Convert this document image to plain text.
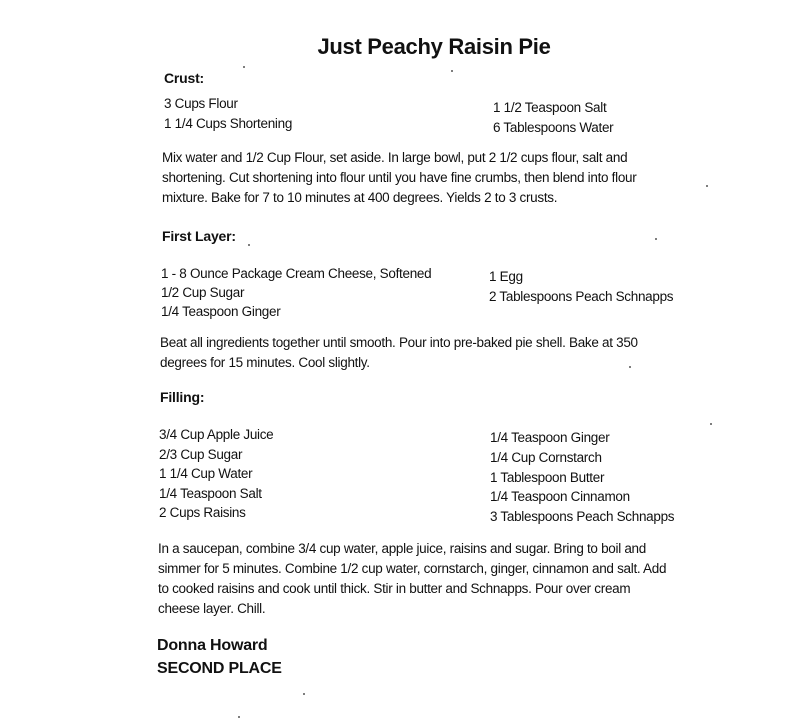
Just Peachy Raisin Pie
Crust:
3 Cups Flour
1 1/4 Cups Shortening
1 1/2 Teaspoon Salt
6 Tablespoons Water
Mix water and 1/2 Cup Flour, set aside. In large bowl, put 2 1/2 cups flour, salt and
shortening. Cut shortening into flour until you have fine crumbs, then blend into flour
mixture. Bake for 7 to 10 minutes at 400 degrees. Yields 2 to 3 crusts.
First Layer:
1 - 8 Ounce Package Cream Cheese, Softened
1/2 Cup Sugar
1/4 Teaspoon Ginger
1 Egg
2 Tablespoons Peach Schnapps
Beat all ingredients together until smooth. Pour into pre-baked pie shell. Bake at 350
degrees for 15 minutes. Cool slightly.
Filling:
3/4 Cup Apple Juice
2/3 Cup Sugar
1 1/4 Cup Water
1/4 Teaspoon Salt
2 Cups Raisins
1/4 Teaspoon Ginger
1/4 Cup Cornstarch
1 Tablespoon Butter
1/4 Teaspoon Cinnamon
3 Tablespoons Peach Schnapps
In a saucepan, combine 3/4 cup water, apple juice, raisins and sugar. Bring to boil and
simmer for 5 minutes. Combine 1/2 cup water, cornstarch, ginger, cinnamon and salt. Add
to cooked raisins and cook until thick. Stir in butter and Schnapps. Pour over cream
cheese layer. Chill.
Donna Howard
SECOND PLACE
